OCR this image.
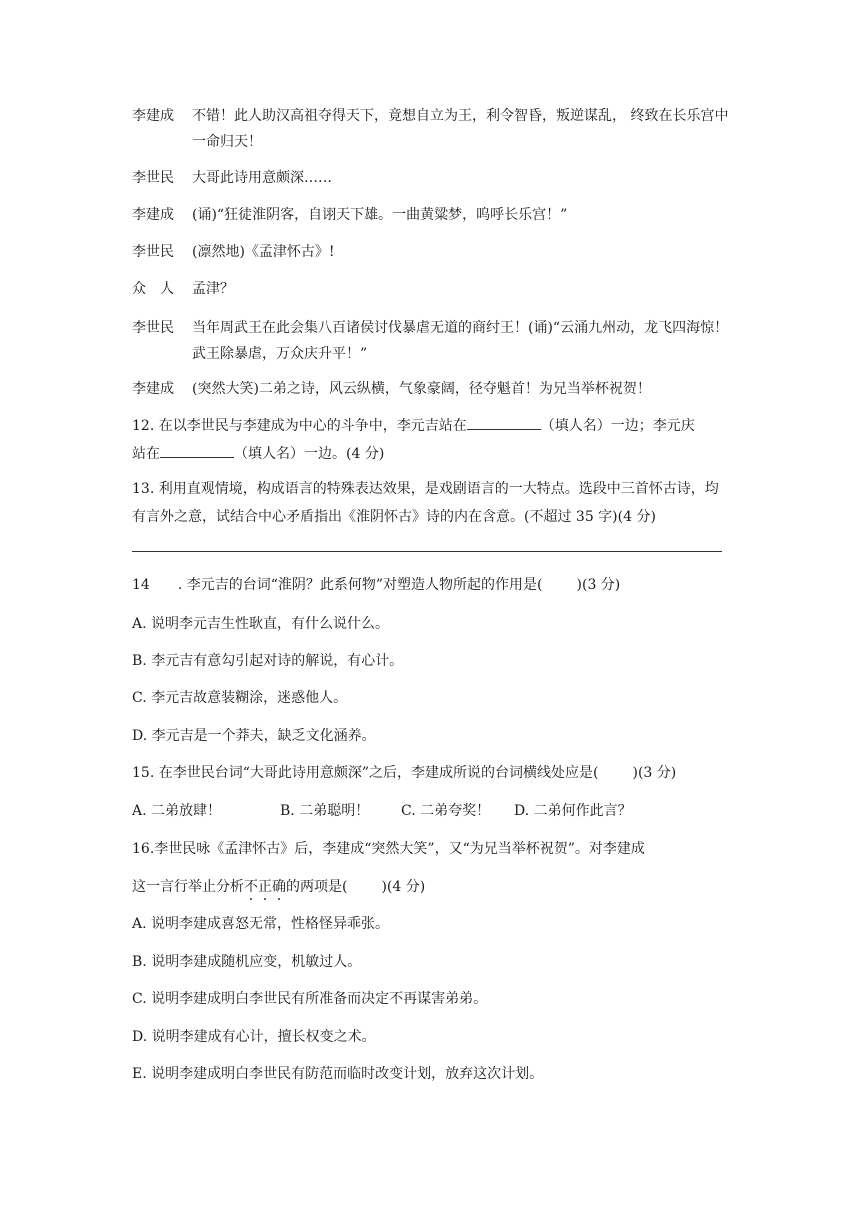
李建成	不错！此人助汉高祖夺得天下，竟想自立为王，利令智昏，叛逆谋乱， 终致在长乐宫中一命归天！
李世民	大哥此诗用意颇深……
李建成	(诵)“狂徒淮阴客，自诩天下雄。一曲黄粱梦，呜呼长乐宫！”
李世民	(凛然地)《孟津怀古》!
众　人	孟津？
李世民	当年周武王在此会集八百诸侯讨伐暴虐无道的商纣王！(诵)“云涌九州动，龙飞四海惊！武王除暴虐，万众庆升平！”
李建成	(突然大笑)二弟之诗，风云纵横，气象豪阔，径夺魁首！为兄当举杯祝贺！
12. 在以李世民与李建成为中心的斗争中，李元吉站在	（填人名）一边；李元庆
站在	（填人名）一边。(4 分)
13. 利用直观情境，构成语言的特殊表达效果，是戏剧语言的一大特点。选段中三首怀古诗，均有言外之意，试结合中心矛盾指出《淮阴怀古》诗的内在含意。(不超过 35 字)(4 分)
14 . 李元吉的台词“淮阴？此系何物”对塑造人物所起的作用是( )(3 分)
A. 说明李元吉生性耿直，有什么说什么。
B. 李元吉有意勾引起对诗的解说，有心计。
C. 李元吉故意装糊涂，迷惑他人。
D. 李元吉是一个莽夫，缺乏文化涵养。
15. 在李世民台词“大哥此诗用意颇深”之后，李建成所说的台词横线处应是( )(3 分)
A. 二弟放肆！	B. 二弟聪明！ C. 二弟夸奖！ D. 二弟何作此言？
16.李世民咏《孟津怀古》后，李建成“突然大笑”，又“为兄当举杯祝贺”。对李建成
这一言行举止分析不正确的两项是( )(4 分)
A. 说明李建成喜怒无常，性格怪异乖张。
B. 说明李建成随机应变，机敏过人。
C. 说明李建成明白李世民有所准备而决定不再谋害弟弟。
D. 说明李建成有心计，擅长权变之术。
E. 说明李建成明白李世民有防范而临时改变计划，放弃这次计划。
